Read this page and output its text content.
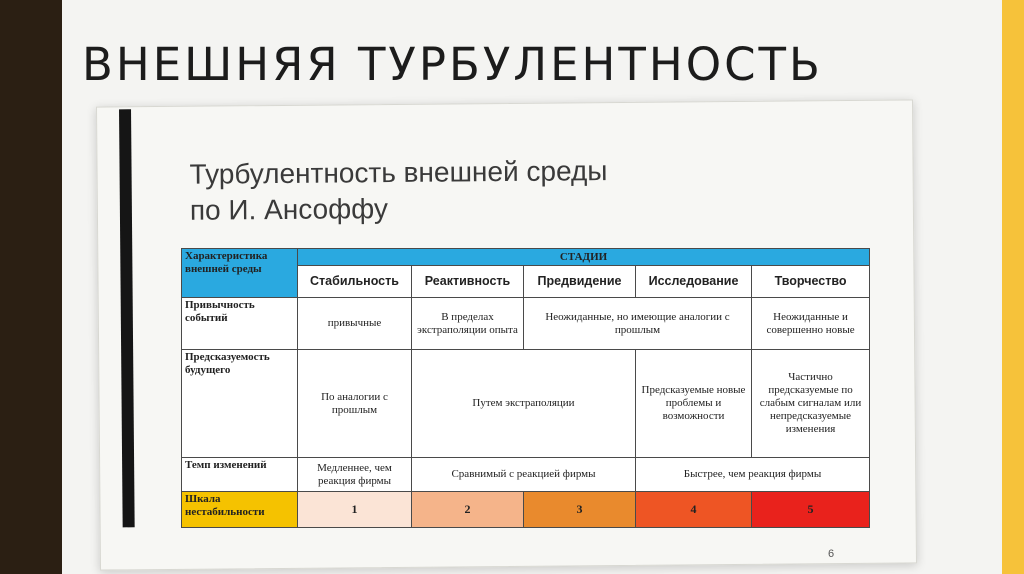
ВНЕШНЯЯ ТУРБУЛЕНТНОСТЬ
Турбулентность внешней среды
по И. Ансоффу
Характеристика внешней среды	СТАДИИ				
	Стабильность	Реактивность	Предвидение	Исследование	Творчество
Привычность событий	привычные	В пределах экстраполяции опыта	Неожиданные, но имеющие аналогии с прошлым		Неожиданные и совершенно новые
Предсказуемость будущего	По аналогии с прошлым	Путем экстраполяции		Предсказуемые новые проблемы и возможности	Частично предсказуемые по слабым сигналам или непредсказуемые изменения
Темп изменений	Медленнее, чем реакция фирмы	Сравнимый с реакцией фирмы		Быстрее, чем реакция фирмы	
Шкала нестабильности	1	2	3	4	5
6
